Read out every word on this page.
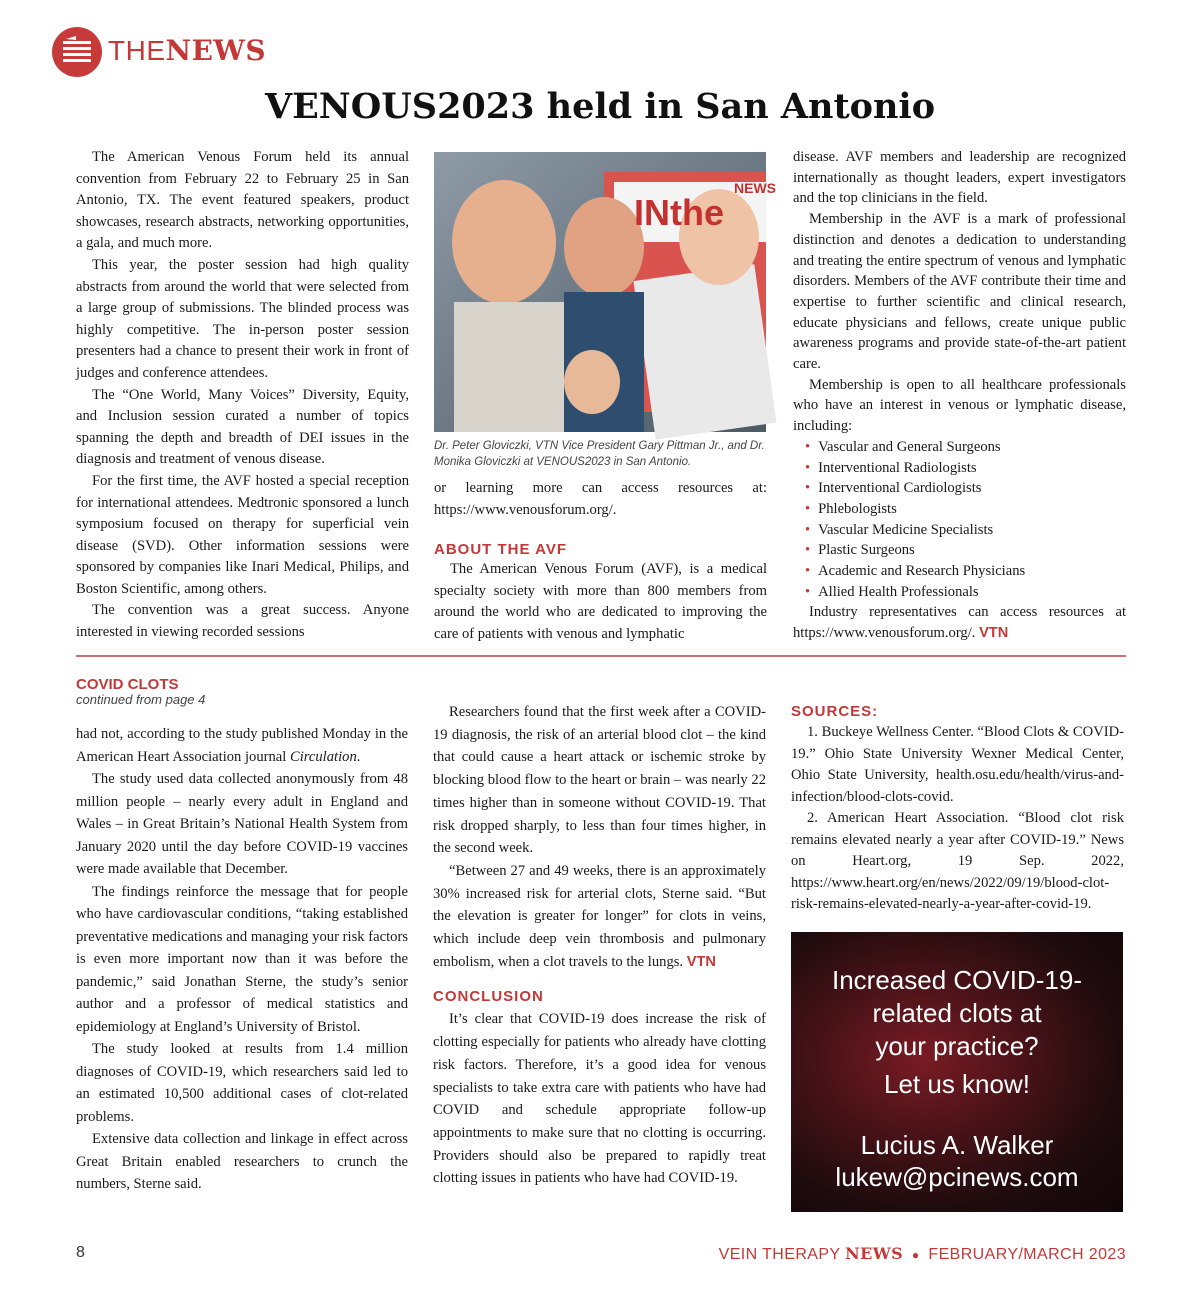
THENEWS
VENOUS2023 held in San Antonio

The American Venous Forum held its annual convention from February 22 to February 25 in San Antonio, TX. The event featured speakers, product showcases, research abstracts, networking opportunities, a gala, and much more.

This year, the poster session had high quality abstracts from around the world that were selected from a large group of submissions. The blinded process was highly competitive. The in-person poster session presenters had a chance to present their work in front of judges and conference attendees.

The “One World, Many Voices” Diversity, Equity, and Inclusion session curated a number of topics spanning the depth and breadth of DEI issues in the diagnosis and treatment of venous disease.

For the first time, the AVF hosted a special reception for international attendees. Medtronic sponsored a lunch symposium focused on therapy for superficial vein disease (SVD). Other information sessions were sponsored by companies like Inari Medical, Philips, and Boston Scientific, among others.

The convention was a great success. Anyone interested in viewing recorded sessions

INthe
NEWS
Dr. Peter Gloviczki, VTN Vice President Gary Pittman Jr., and Dr. Monika Gloviczki at VENOUS2023 in San Antonio.

or learning more can access resources at: https://www.venousforum.org/.

ABOUT THE AVF

The American Venous Forum (AVF), is a medical specialty society with more than 800 members from around the world who are dedicated to improving the care of patients with venous and lymphatic

disease. AVF members and leadership are recognized internationally as thought leaders, expert investigators and the top clinicians in the field.

Membership in the AVF is a mark of professional distinction and denotes a dedication to understanding and treating the entire spectrum of venous and lymphatic disorders. Members of the AVF contribute their time and expertise to further scientific and clinical research, educate physicians and fellows, create unique public awareness programs and provide state-of-the-art patient care.

Membership is open to all healthcare professionals who have an interest in venous or lymphatic disease, including:

• Vascular and General Surgeons
• Interventional Radiologists
• Interventional Cardiologists
• Phlebologists
• Vascular Medicine Specialists
• Plastic Surgeons
• Academic and Research Physicians
• Allied Health Professionals

Industry representatives can access resources at https://www.venousforum.org/. VTN

COVID CLOTS
continued from page 4

had not, according to the study published Monday in the American Heart Association journal Circulation.

The study used data collected anonymously from 48 million people – nearly every adult in England and Wales – in Great Britain’s National Health System from January 2020 until the day before COVID-19 vaccines were made available that December.

The findings reinforce the message that for people who have cardiovascular conditions, “taking established preventative medications and managing your risk factors is even more important now than it was before the pandemic,” said Jonathan Sterne, the study’s senior author and a professor of medical statistics and epidemiology at England’s University of Bristol.

The study looked at results from 1.4 million diagnoses of COVID-19, which researchers said led to an estimated 10,500 additional cases of clot-related problems.

Extensive data collection and linkage in effect across Great Britain enabled researchers to crunch the numbers, Sterne said.

Researchers found that the first week after a COVID-19 diagnosis, the risk of an arterial blood clot – the kind that could cause a heart attack or ischemic stroke by blocking blood flow to the heart or brain – was nearly 22 times higher than in someone without COVID-19. That risk dropped sharply, to less than four times higher, in the second week.

“Between 27 and 49 weeks, there is an approximately 30% increased risk for arterial clots, Sterne said. “But the elevation is greater for longer” for clots in veins, which include deep vein thrombosis and pulmonary embolism, when a clot travels to the lungs. VTN

CONCLUSION

It’s clear that COVID-19 does increase the risk of clotting especially for patients who already have clotting risk factors. Therefore, it’s a good idea for venous specialists to take extra care with patients who have had COVID and schedule appropriate follow-up appointments to make sure that no clotting is occurring. Providers should also be prepared to rapidly treat clotting issues in patients who have had COVID-19.

SOURCES:

1. Buckeye Wellness Center. “Blood Clots & COVID-19.” Ohio State University Wexner Medical Center, Ohio State University, health.osu.edu/health/virus-and-infection/blood-clots-covid.

2. American Heart Association. “Blood clot risk remains elevated nearly a year after COVID-19.” News on Heart.org, 19 Sep. 2022, https://www.heart.org/en/news/2022/09/19/blood-clot-risk-remains-elevated-nearly-a-year-after-covid-19.

Increased COVID-19-
related clots at
your practice?
Let us know!
Lucius A. Walker
lukew@pcinews.com
8	VEIN THERAPY NEWS ● FEBRUARY/MARCH 2023
